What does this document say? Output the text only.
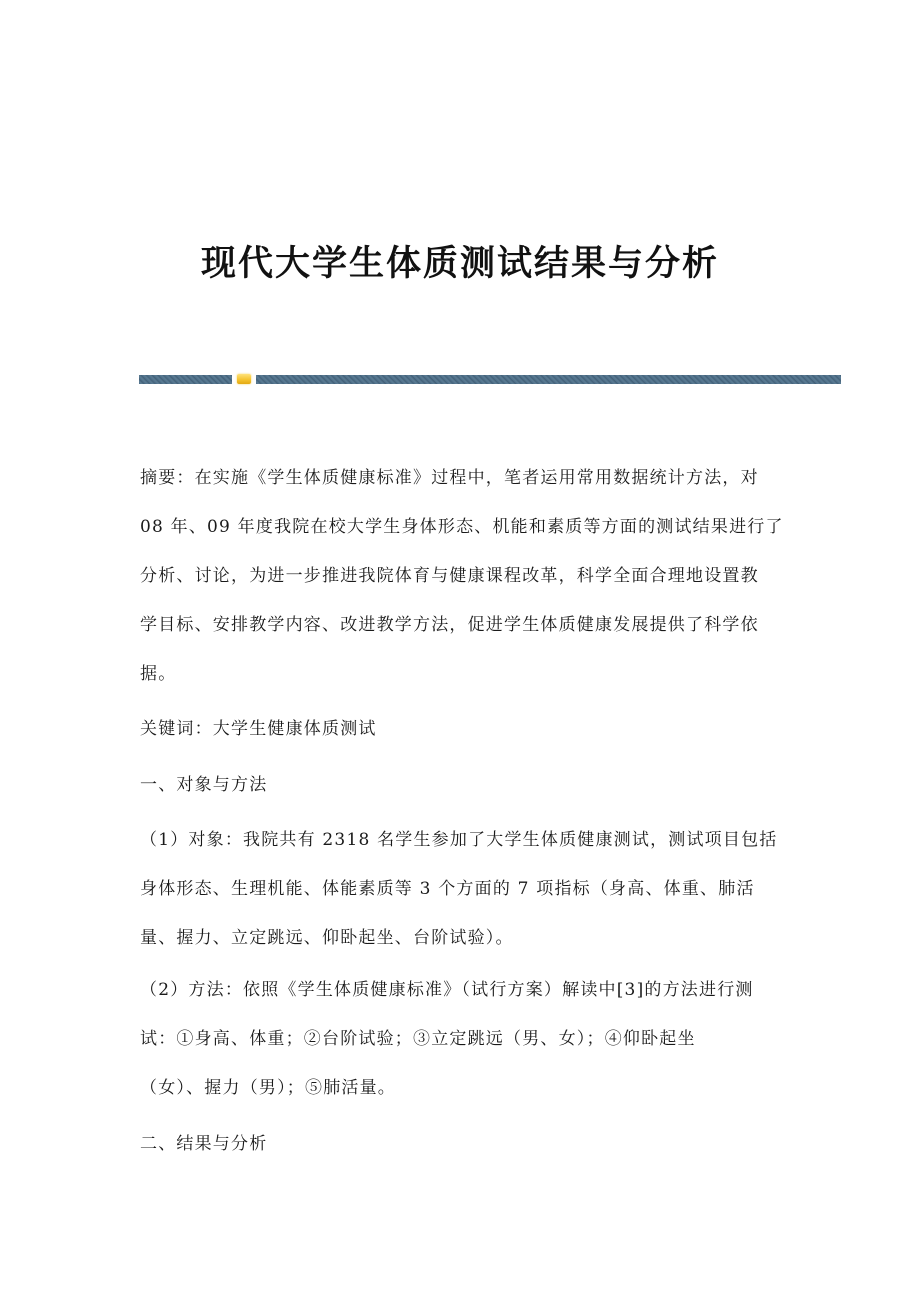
现代大学生体质测试结果与分析
摘要：在实施《学生体质健康标准》过程中，笔者运用常用数据统计方法，对
08 年、09 年度我院在校大学生身体形态、机能和素质等方面的测试结果进行了
分析、讨论，为进一步推进我院体育与健康课程改革，科学全面合理地设置教
学目标、安排教学内容、改进教学方法，促进学生体质健康发展提供了科学依
据。
关键词：大学生健康体质测试
一、对象与方法
（1）对象：我院共有 2318 名学生参加了大学生体质健康测试，测试项目包括
身体形态、生理机能、体能素质等 3 个方面的 7 项指标（身高、体重、肺活
量、握力、立定跳远、仰卧起坐、台阶试验）。
（2）方法：依照《学生体质健康标准》（试行方案）解读中[3]的方法进行测
试：①身高、体重；②台阶试验；③立定跳远（男、女）；④仰卧起坐
（女）、握力（男）；⑤肺活量。
二、结果与分析
